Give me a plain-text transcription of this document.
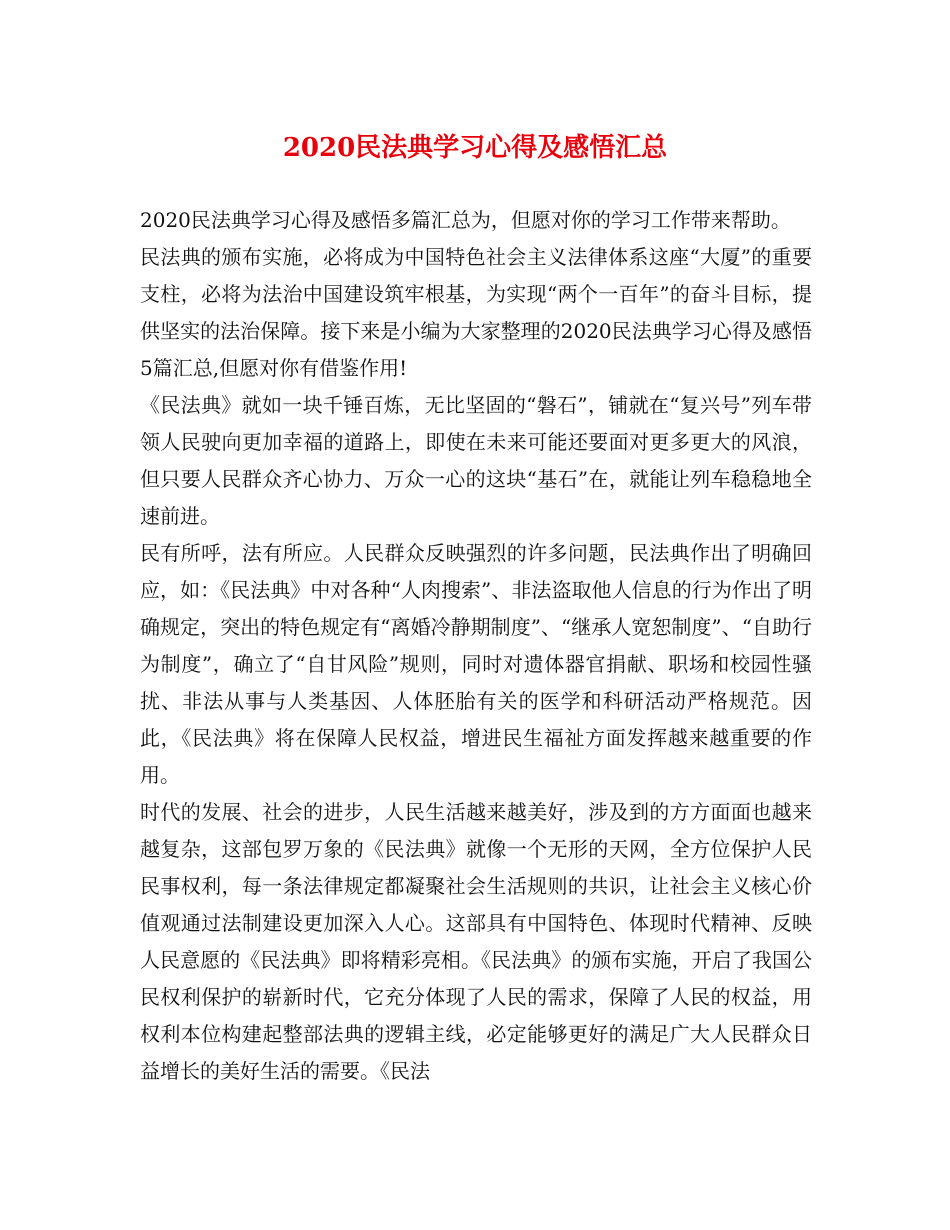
2020民法典学习心得及感悟汇总

2020民法典学习心得及感悟多篇汇总为，但愿对你的学习工作带来帮助。

民法典的颁布实施，必将成为中国特色社会主义法律体系这座“大厦”的重要支柱，必将为法治中国建设筑牢根基，为实现“两个一百年”的奋斗目标，提供坚实的法治保障。接下来是小编为大家整理的2020民法典学习心得及感悟5篇汇总,但愿对你有借鉴作用!

《民法典》就如一块千锤百炼，无比坚固的“磐石”，铺就在“复兴号”列车带领人民驶向更加幸福的道路上，即使在未来可能还要面对更多更大的风浪，但只要人民群众齐心协力、万众一心的这块“基石”在，就能让列车稳稳地全速前进。

民有所呼，法有所应。人民群众反映强烈的许多问题，民法典作出了明确回应，如：《民法典》中对各种“人肉搜索”、非法盗取他人信息的行为作出了明确规定，突出的特色规定有“离婚冷静期制度”、“继承人宽恕制度”、“自助行为制度”，确立了“自甘风险”规则，同时对遗体器官捐献、职场和校园性骚扰、非法从事与人类基因、人体胚胎有关的医学和科研活动严格规范。因此，《民法典》将在保障人民权益，增进民生福祉方面发挥越来越重要的作用。

时代的发展、社会的进步，人民生活越来越美好，涉及到的方方面面也越来越复杂，这部包罗万象的《民法典》就像一个无形的天网，全方位保护人民民事权利，每一条法律规定都凝聚社会生活规则的共识，让社会主义核心价值观通过法制建设更加深入人心。这部具有中国特色、体现时代精神、反映人民意愿的《民法典》即将精彩亮相。《民法典》的颁布实施，开启了我国公民权利保护的崭新时代，它充分体现了人民的需求，保障了人民的权益，用权利本位构建起整部法典的逻辑主线，必定能够更好的满足广大人民群众日益增长的美好生活的需要。《民法
